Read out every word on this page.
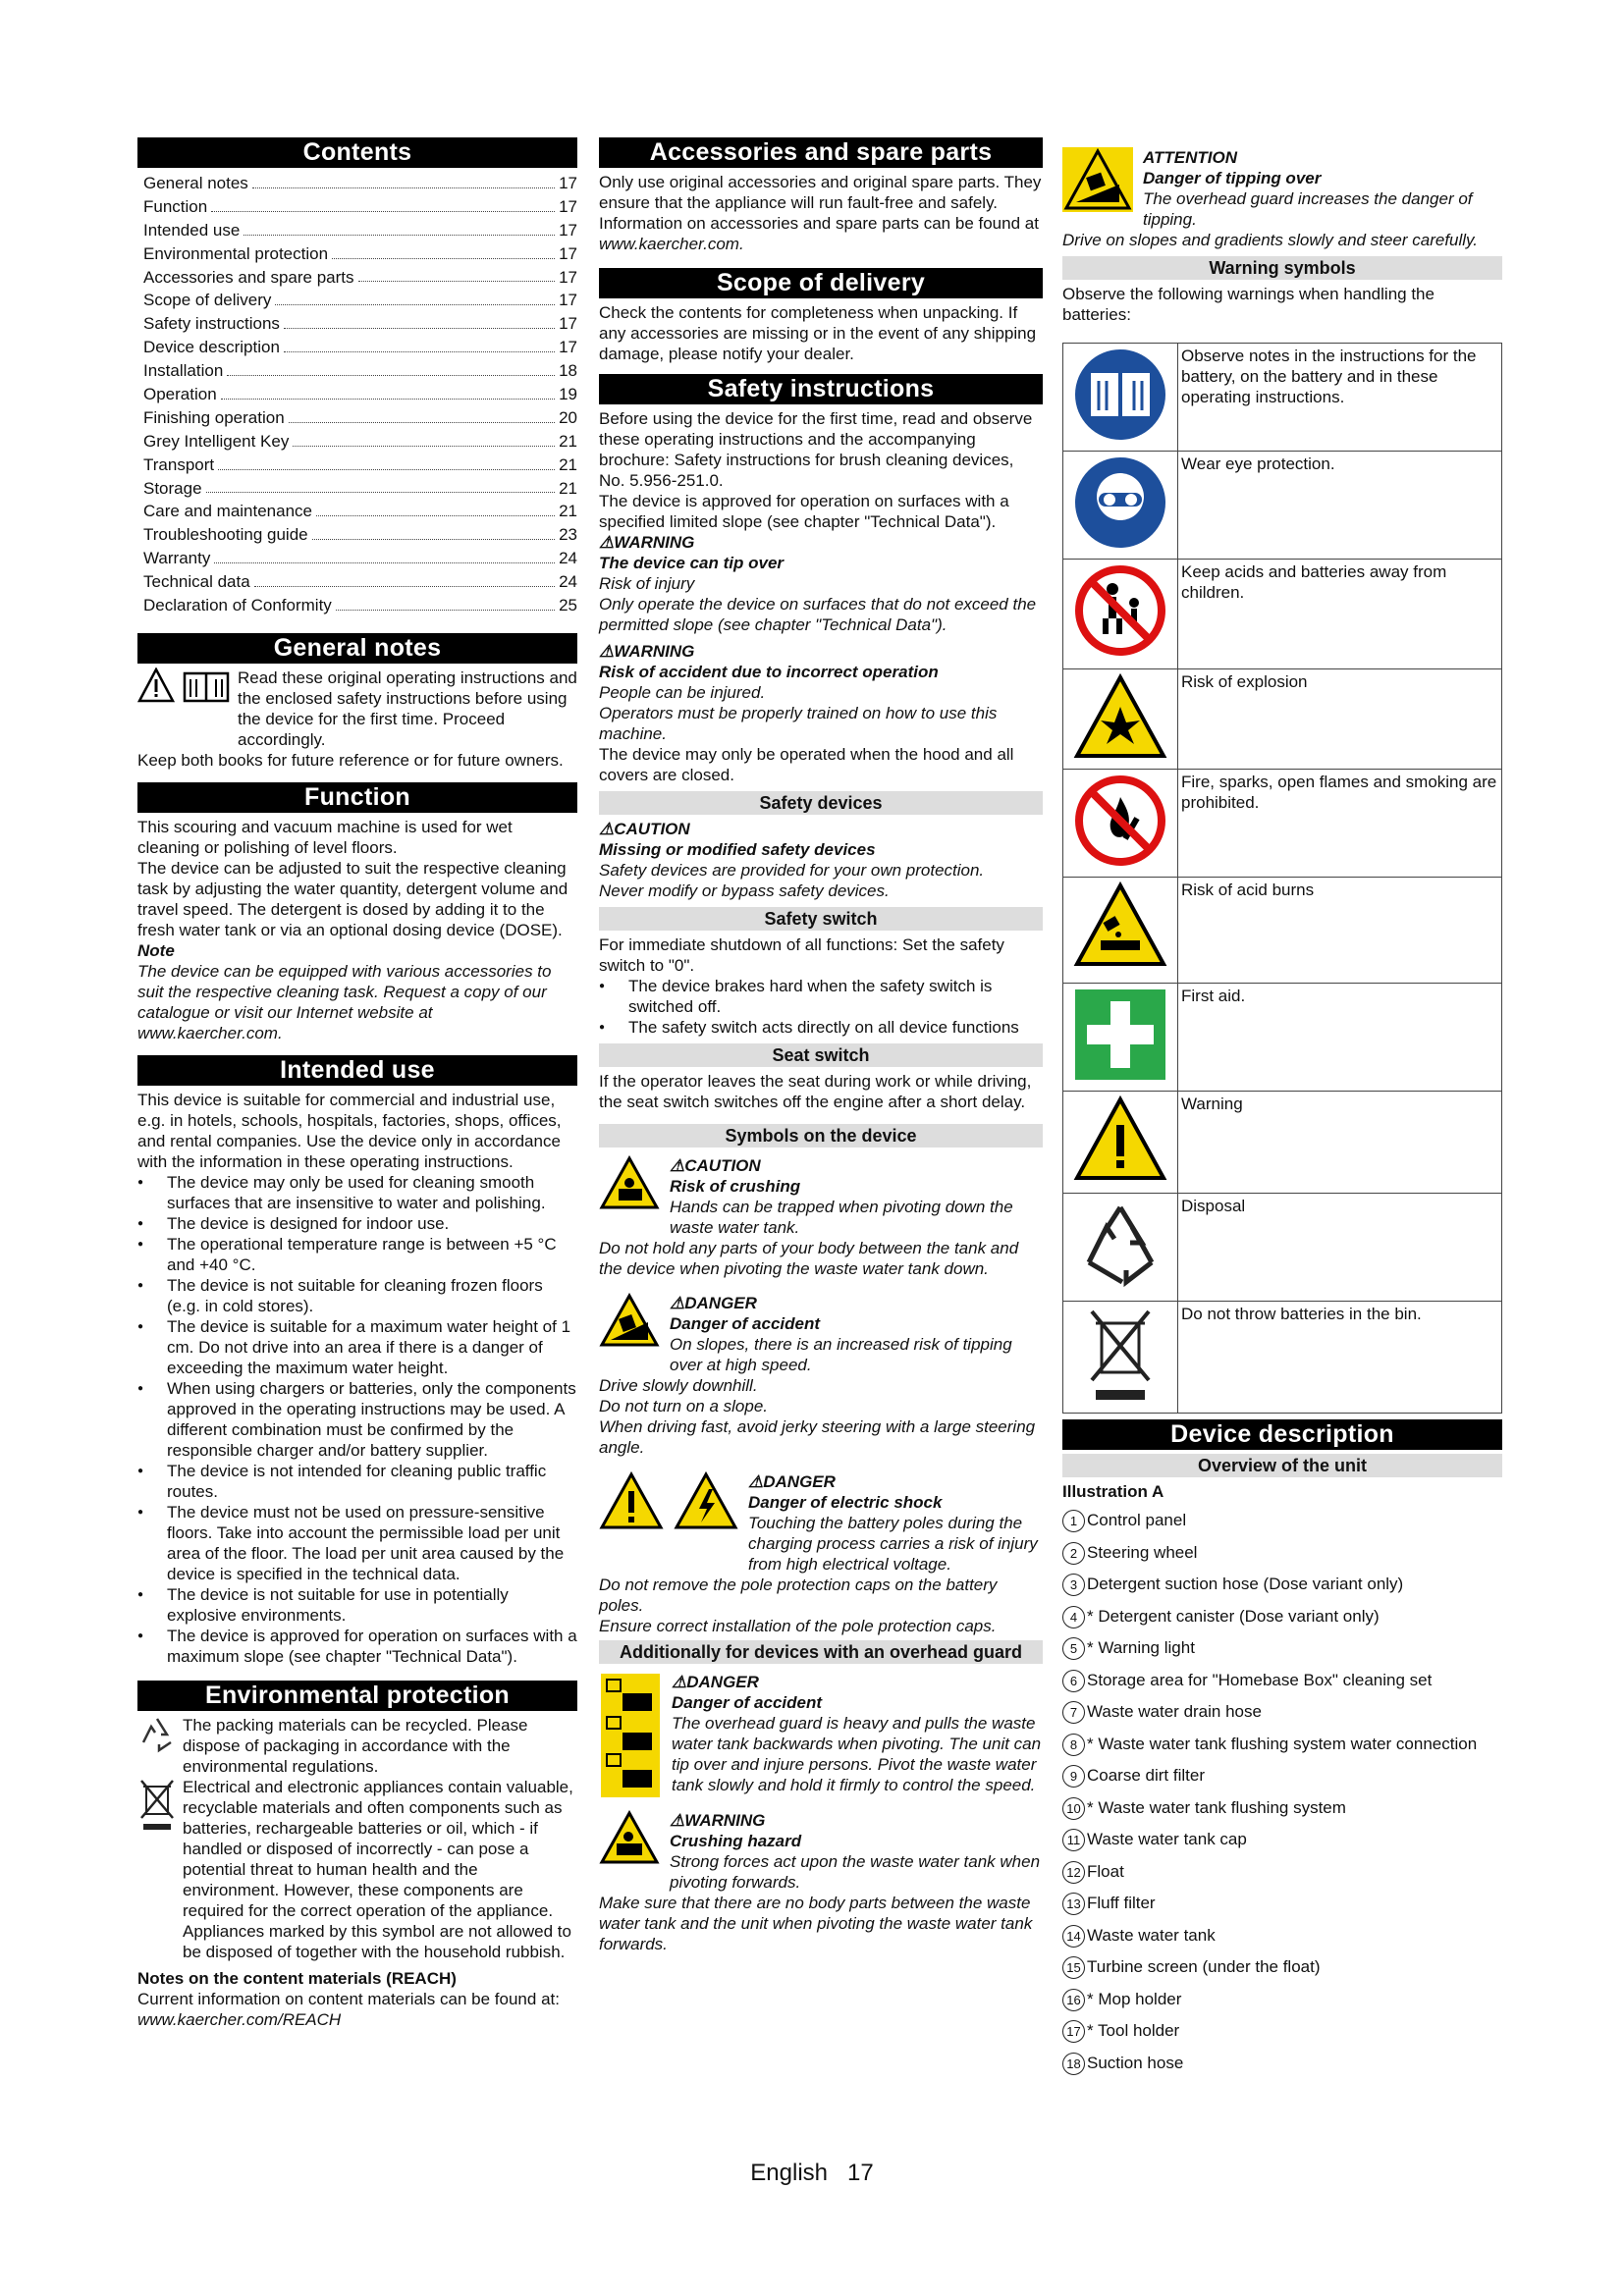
Contents
General notes	17
Function	17
Intended use	17
Environmental protection	17
Accessories and spare parts	17
Scope of delivery	17
Safety instructions	17
Device description	17
Installation	18
Operation	19
Finishing operation	20
Grey Intelligent Key	21
Transport	21
Storage	21
Care and maintenance	21
Troubleshooting guide	23
Warranty	24
Technical data	24
Declaration of Conformity	25
General notes

Read these original operating instructions and the enclosed safety instructions before using the device for the first time. Proceed accordingly.

Keep both books for future reference or for future owners.

Function

This scouring and vacuum machine is used for wet cleaning or polishing of level floors.

The device can be adjusted to suit the respective cleaning task by adjusting the water quantity, detergent volume and travel speed. The detergent is dosed by adding it to the fresh water tank or via an optional dosing device (DOSE).

Note

The device can be equipped with various accessories to suit the respective cleaning task. Request a copy of our catalogue or visit our Internet website at www.kaercher.com.

Intended use

This device is suitable for commercial and industrial use, e.g. in hotels, schools, hospitals, factories, shops, offices, and rental companies. Use the device only in accordance with the information in these operating instructions.

● The device may only be used for cleaning smooth surfaces that are insensitive to water and polishing.
● The device is designed for indoor use.
● The operational temperature range is between +5 °C and +40 °C.
● The device is not suitable for cleaning frozen floors (e.g. in cold stores).
● The device is suitable for a maximum water height of 1 cm. Do not drive into an area if there is a danger of exceeding the maximum water height.
● When using chargers or batteries, only the components approved in the operating instructions may be used. A different combination must be confirmed by the responsible charger and/or battery supplier.
● The device is not intended for cleaning public traffic routes.
● The device must not be used on pressure-sensitive floors. Take into account the permissible load per unit area of the floor. The load per unit area caused by the device is specified in the technical data.
● The device is not suitable for use in potentially explosive environments.
● The device is approved for operation on surfaces with a maximum slope (see chapter "Technical Data").
Environmental protection

The packing materials can be recycled. Please dispose of packaging in accordance with the environmental regulations.

Electrical and electronic appliances contain valuable, recyclable materials and often components such as batteries, rechargeable batteries or oil, which - if handled or disposed of incorrectly - can pose a potential threat to human health and the environment. However, these components are required for the correct operation of the appliance. Appliances marked by this symbol are not allowed to be disposed of together with the household rubbish.

Notes on the content materials (REACH)

Current information on content materials can be found at: www.kaercher.com/REACH

Accessories and spare parts

Only use original accessories and original spare parts. They ensure that the appliance will run fault-free and safely.

Information on accessories and spare parts can be found at www.kaercher.com.

Scope of delivery

Check the contents for completeness when unpacking. If any accessories are missing or in the event of any shipping damage, please notify your dealer.

Safety instructions

Before using the device for the first time, read and observe these operating instructions and the accompanying brochure: Safety instructions for brush cleaning devices, No. 5.956-251.0.

The device is approved for operation on surfaces with a specified limited slope (see chapter "Technical Data").

⚠WARNING

The device can tip over

Risk of injury

Only operate the device on surfaces that do not exceed the permitted slope (see chapter "Technical Data").

⚠WARNING

Risk of accident due to incorrect operation

People can be injured.

Operators must be properly trained on how to use this machine.

The device may only be operated when the hood and all covers are closed.

Safety devices

⚠CAUTION

Missing or modified safety devices

Safety devices are provided for your own protection.

Never modify or bypass safety devices.

Safety switch

For immediate shutdown of all functions: Set the safety switch to "0".

● The device brakes hard when the safety switch is switched off.
● The safety switch acts directly on all device functions
Seat switch

If the operator leaves the seat during work or while driving, the seat switch switches off the engine after a short delay.

Symbols on the device

⚠CAUTION

Risk of crushing

Hands can be trapped when pivoting down the waste water tank.

Do not hold any parts of your body between the tank and the device when pivoting the waste water tank down.

⚠DANGER

Danger of accident

On slopes, there is an increased risk of tipping over at high speed.

Drive slowly downhill.

Do not turn on a slope.

When driving fast, avoid jerky steering with a large steering angle.

⚠DANGER

Danger of electric shock

Touching the battery poles during the charging process carries a risk of injury from high electrical voltage.

Do not remove the pole protection caps on the battery poles.

Ensure correct installation of the pole protection caps.

Additionally for devices with an overhead guard

⚠DANGER

Danger of accident

The overhead guard is heavy and pulls the waste water tank backwards when pivoting. The unit can tip over and injure persons. Pivot the waste water tank slowly and hold it firmly to control the speed.

⚠WARNING

Crushing hazard

Strong forces act upon the waste water tank when pivoting forwards.

Make sure that there are no body parts between the waste water tank and the unit when pivoting the waste water tank forwards.

ATTENTION

Danger of tipping over

The overhead guard increases the danger of tipping.

Drive on slopes and gradients slowly and steer carefully.

Warning symbols

Observe the following warnings when handling the batteries:

	Observe notes in the instructions for the battery, on the battery and in these operating instructions.
	Wear eye protection.
	Keep acids and batteries away from children.
	Risk of explosion
	Fire, sparks, open flames and smoking are prohibited.
	Risk of acid burns
	First aid.
	Warning
	Disposal
	Do not throw batteries in the bin.
Device description
Overview of the unit

Illustration A

1 Control panel
2 Steering wheel
3 Detergent suction hose (Dose variant only)
4 * Detergent canister (Dose variant only)
5 * Warning light
6 Storage area for "Homebase Box" cleaning set
7 Waste water drain hose
8 * Waste water tank flushing system water connection
9 Coarse dirt filter
10 * Waste water tank flushing system
11 Waste water tank cap
12 Float
13 Fluff filter
14 Waste water tank
15 Turbine screen (under the float)
16 * Mop holder
17 * Tool holder
18 Suction hose
English 17
